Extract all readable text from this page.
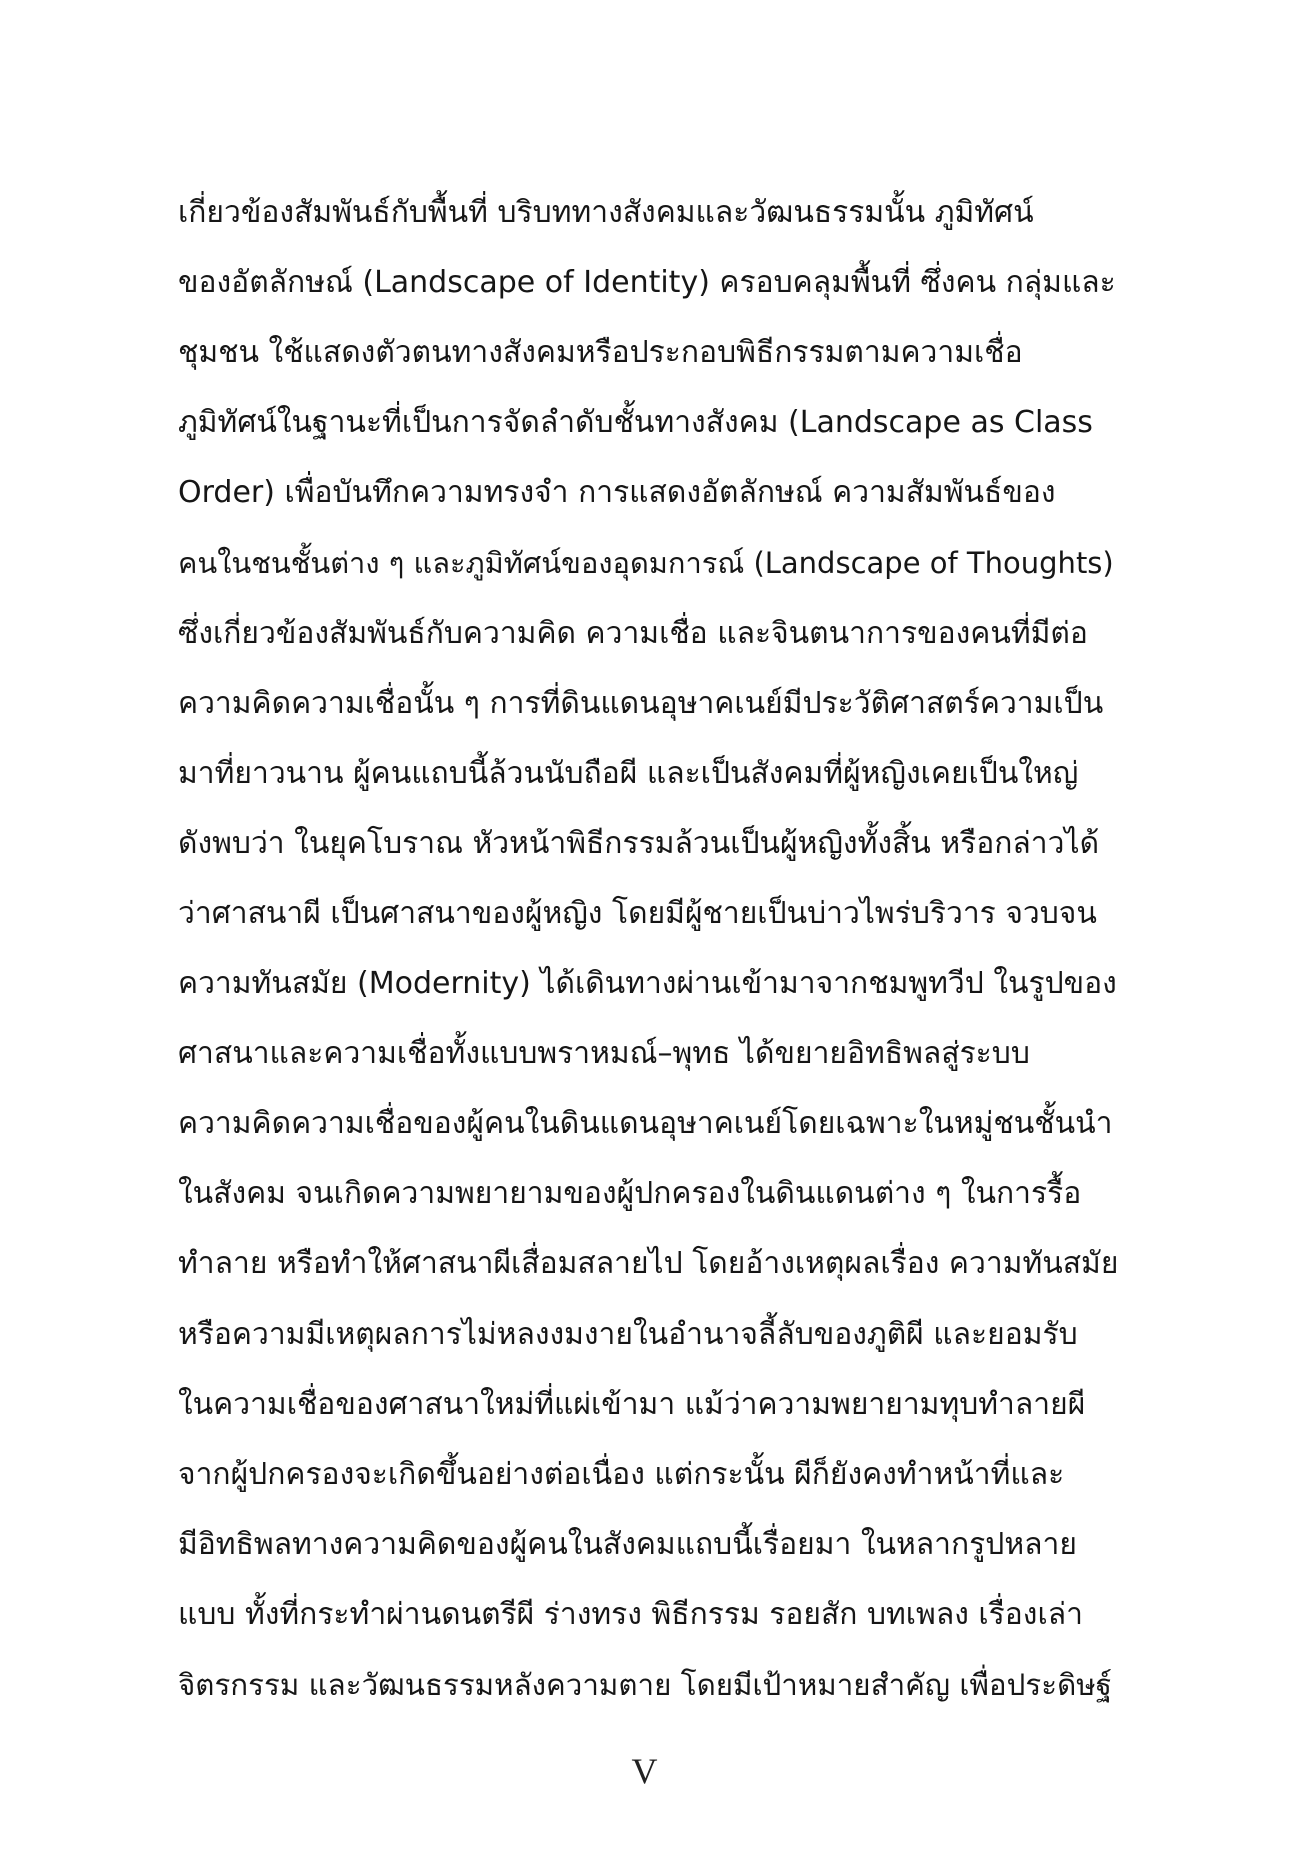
เกี่ยวข้องสัมพันธ์กับพื้นที่ บริบททางสังคมและวัฒนธรรมนั้น ภูมิทัศน์
ของอัตลักษณ์ (Landscape of Identity) ครอบคลุมพื้นที่ ซึ่งคน กลุ่มและ
ชุมชน ใช้แสดงตัวตนทางสังคมหรือประกอบพิธีกรรมตามความเชื่อ
ภูมิทัศน์ในฐานะที่เป็นการจัดลำดับชั้นทางสังคม (Landscape as Class
Order) เพื่อบันทึกความทรงจำ การแสดงอัตลักษณ์ ความสัมพันธ์ของ
คนในชนชั้นต่าง ๆ และภูมิทัศน์ของอุดมการณ์ (Landscape of Thoughts)
ซึ่งเกี่ยวข้องสัมพันธ์กับความคิด ความเชื่อ และจินตนาการของคนที่มีต่อ
ความคิดความเชื่อนั้น ๆ การที่ดินแดนอุษาคเนย์มีประวัติศาสตร์ความเป็น
มาที่ยาวนาน ผู้คนแถบนี้ล้วนนับถือผี และเป็นสังคมที่ผู้หญิงเคยเป็นใหญ่
ดังพบว่า ในยุคโบราณ หัวหน้าพิธีกรรมล้วนเป็นผู้หญิงทั้งสิ้น หรือกล่าวได้
ว่าศาสนาผี เป็นศาสนาของผู้หญิง โดยมีผู้ชายเป็นบ่าวไพร่บริวาร จวบจน
ความทันสมัย (Modernity) ได้เดินทางผ่านเข้ามาจากชมพูทวีป ในรูปของ
ศาสนาและความเชื่อทั้งแบบพราหมณ์–พุทธ ได้ขยายอิทธิพลสู่ระบบ
ความคิดความเชื่อของผู้คนในดินแดนอุษาคเนย์โดยเฉพาะในหมู่ชนชั้นนำ
ในสังคม จนเกิดความพยายามของผู้ปกครองในดินแดนต่าง ๆ ในการรื้อ
ทำลาย หรือทำให้ศาสนาผีเสื่อมสลายไป โดยอ้างเหตุผลเรื่อง ความทันสมัย
หรือความมีเหตุผลการไม่หลงงมงายในอำนาจลี้ลับของภูติผี และยอมรับ
ในความเชื่อของศาสนาใหม่ที่แผ่เข้ามา แม้ว่าความพยายามทุบทำลายผี
จากผู้ปกครองจะเกิดขึ้นอย่างต่อเนื่อง แต่กระนั้น ผีก็ยังคงทำหน้าที่และ
มีอิทธิพลทางความคิดของผู้คนในสังคมแถบนี้เรื่อยมา ในหลากรูปหลาย
แบบ ทั้งที่กระทำผ่านดนตรีผี ร่างทรง พิธีกรรม รอยสัก บทเพลง เรื่องเล่า
จิตรกรรม และวัฒนธรรมหลังความตาย โดยมีเป้าหมายสำคัญ เพื่อประดิษฐ์
V
